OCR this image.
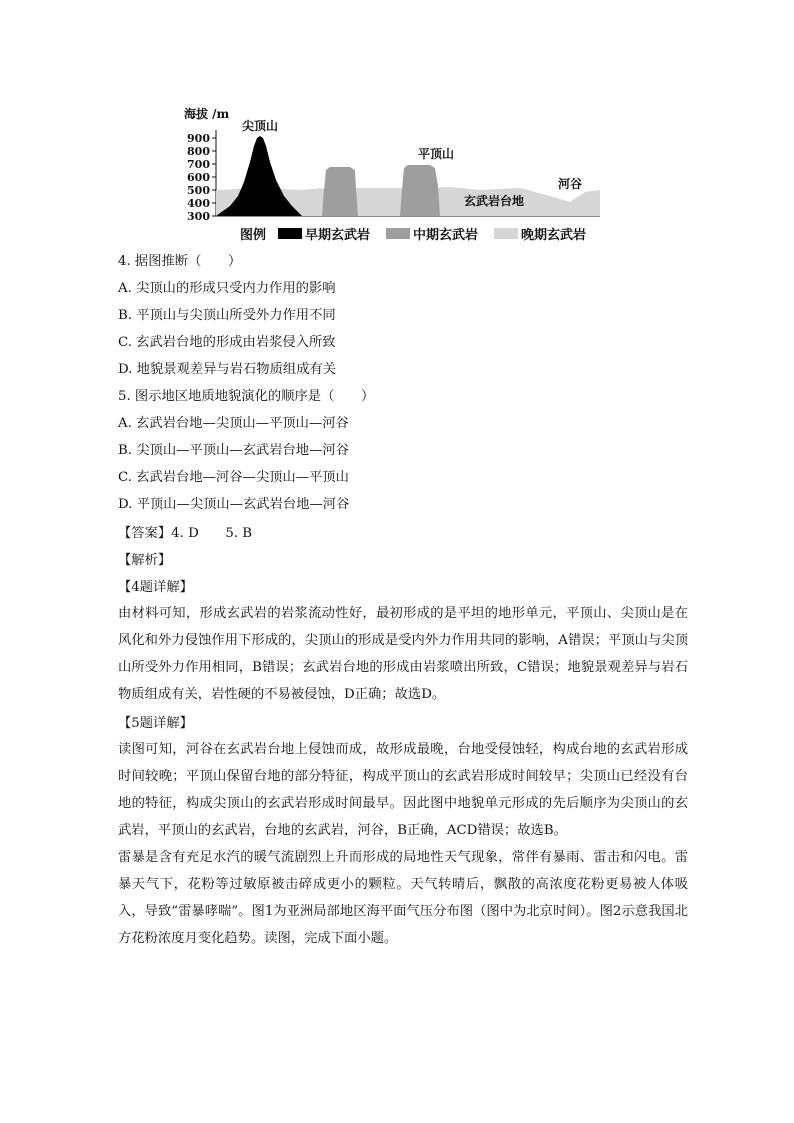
海拔 /m
900
800
700
600
500
400
300
尖顶山
平顶山
玄武岩台地
河谷
图例	早期玄武岩	中期玄武岩	晚期玄武岩
4. 据图推断（　　）
A. 尖顶山的形成只受内力作用的影响
B. 平顶山与尖顶山所受外力作用不同
C. 玄武岩台地的形成由岩浆侵入所致
D. 地貌景观差异与岩石物质组成有关
5. 图示地区地质地貌演化的顺序是（　　）
A. 玄武岩台地—尖顶山—平顶山—河谷
B. 尖顶山—平顶山—玄武岩台地—河谷
C. 玄武岩台地—河谷—尖顶山—平顶山
D. 平顶山—尖顶山—玄武岩台地—河谷
【答案】4. D　　5. B
【解析】
【4题详解】
由材料可知，形成玄武岩的岩浆流动性好，最初形成的是平坦的地形单元，平顶山、尖顶山是在风化和外力侵蚀作用下形成的，尖顶山的形成是受内外力作用共同的影响，A错误；平顶山与尖顶山所受外力作用相同，B错误；玄武岩台地的形成由岩浆喷出所致，C错误；地貌景观差异与岩石物质组成有关，岩性硬的不易被侵蚀，D正确；故选D。
【5题详解】
读图可知，河谷在玄武岩台地上侵蚀而成，故形成最晚，台地受侵蚀轻，构成台地的玄武岩形成时间较晚；平顶山保留台地的部分特征，构成平顶山的玄武岩形成时间较早；尖顶山已经没有台地的特征，构成尖顶山的玄武岩形成时间最早。因此图中地貌单元形成的先后顺序为尖顶山的玄武岩，平顶山的玄武岩，台地的玄武岩，河谷，B正确，ACD错误；故选B。
雷暴是含有充足水汽的暖气流剧烈上升而形成的局地性天气现象，常伴有暴雨、雷击和闪电。雷暴天气下，花粉等过敏原被击碎成更小的颗粒。天气转晴后，飘散的高浓度花粉更易被人体吸入，导致“雷暴哮喘”。图1为亚洲局部地区海平面气压分布图（图中为北京时间）。图2示意我国北方花粉浓度月变化趋势。读图，完成下面小题。
